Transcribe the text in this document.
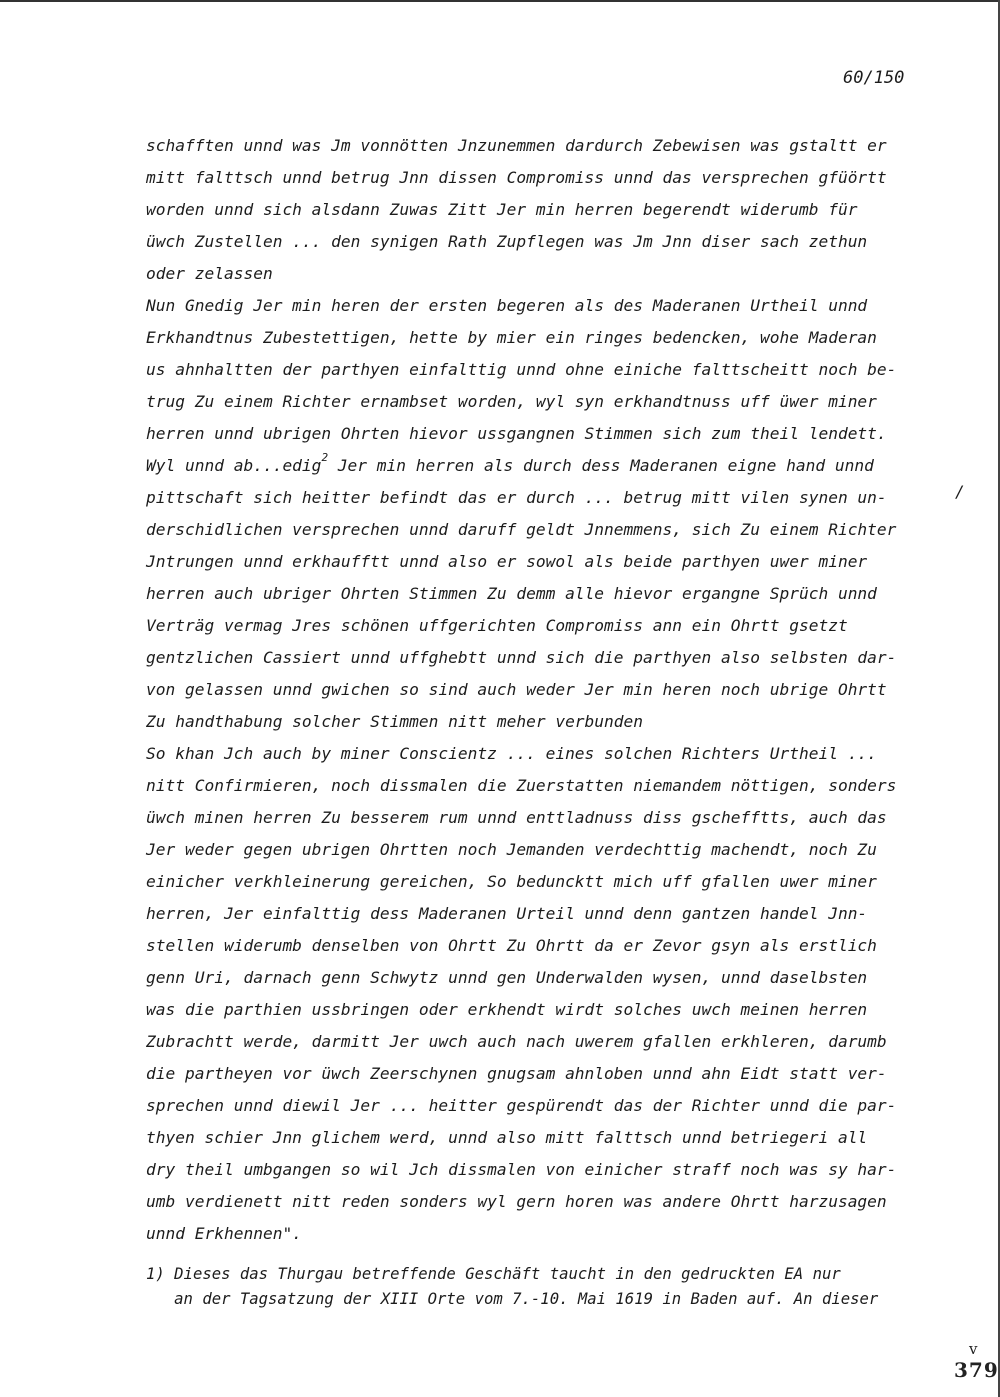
60/150
schafften unnd was Jm vonnötten Jnzunemmen dardurch Zebewisen was gstaltt er
mitt falttsch unnd betrug Jnn dissen Compromiss unnd das versprechen gfüörtt
worden unnd sich alsdann Zuwas Zitt Jer min herren begerendt widerumb für
üwch Zustellen ... den synigen Rath Zupflegen was Jm Jnn diser sach zethun
oder zelassen
Nun Gnedig Jer min heren der ersten begeren als des Maderanen Urtheil unnd
Erkhandtnus Zubestettigen, hette by mier ein ringes bedencken, wohe Maderan
us ahnhaltten der parthyen einfalttig unnd ohne einiche falttscheitt noch be-
trug Zu einem Richter ernambset worden, wyl syn erkhandtnuss uff üwer miner
herren unnd ubrigen Ohrten hievor ussgangnen Stimmen sich zum theil lendett.
Wyl unnd ab...edig$^2$ Jer min herren als durch dess Maderanen eigne hand unnd
pittschaft sich heitter befindt das er durch ... betrug mitt vilen synen un-
derschidlichen versprechen unnd daruff geldt Jnnemmens, sich Zu einem Richter
Jntrungen unnd erkhaufftt unnd also er sowol als beide parthyen uwer miner
herren auch ubriger Ohrten Stimmen Zu demm alle hievor ergangne Sprüch unnd
Verträg vermag Jres schönen uffgerichten Compromiss ann ein Ohrtt gsetzt
gentzlichen Cassiert unnd uffghebtt unnd sich die parthyen also selbsten dar-
von gelassen unnd gwichen so sind auch weder Jer min heren noch ubrige Ohrtt
Zu handthabung solcher Stimmen nitt meher verbunden
So khan Jch auch by miner Conscientz ... eines solchen Richters Urtheil ...
nitt Confirmieren, noch dissmalen die Zuerstatten niemandem nöttigen, sonders
üwch minen herren Zu besserem rum unnd enttladnuss diss gschefftts, auch das
Jer weder gegen ubrigen Ohrtten noch Jemanden verdechttig machendt, noch Zu
einicher verkhleinerung gereichen, So beduncktt mich uff gfallen uwer miner
herren, Jer einfalttig dess Maderanen Urteil unnd denn gantzen handel Jnn-
stellen widerumb denselben von Ohrtt Zu Ohrtt da er Zevor gsyn als erstlich
genn Uri, darnach genn Schwytz unnd gen Underwalden wysen, unnd daselbsten
was die parthien ussbringen oder erkhendt wirdt solches uwch meinen herren
Zubrachtt werde, darmitt Jer uwch auch nach uwerem gfallen erkhleren, darumb
die partheyen vor üwch Zeerschynen gnugsam ahnloben unnd ahn Eidt statt ver-
sprechen unnd diewil Jer ... heitter gespürendt das der Richter unnd die par-
thyen schier Jnn glichem werd, unnd also mitt falttsch unnd betriegeri all
dry theil umbgangen so wil Jch dissmalen von einicher straff noch was sy har-
umb verdienett nitt reden sonders wyl gern horen was andere Ohrtt harzusagen
unnd Erkhennen".
/
1) Dieses das Thurgau betreffende Geschäft taucht in den gedruckten EA nur
an der Tagsatzung der XIII Orte vom 7.-10. Mai 1619 in Baden auf. An dieser
v
379
